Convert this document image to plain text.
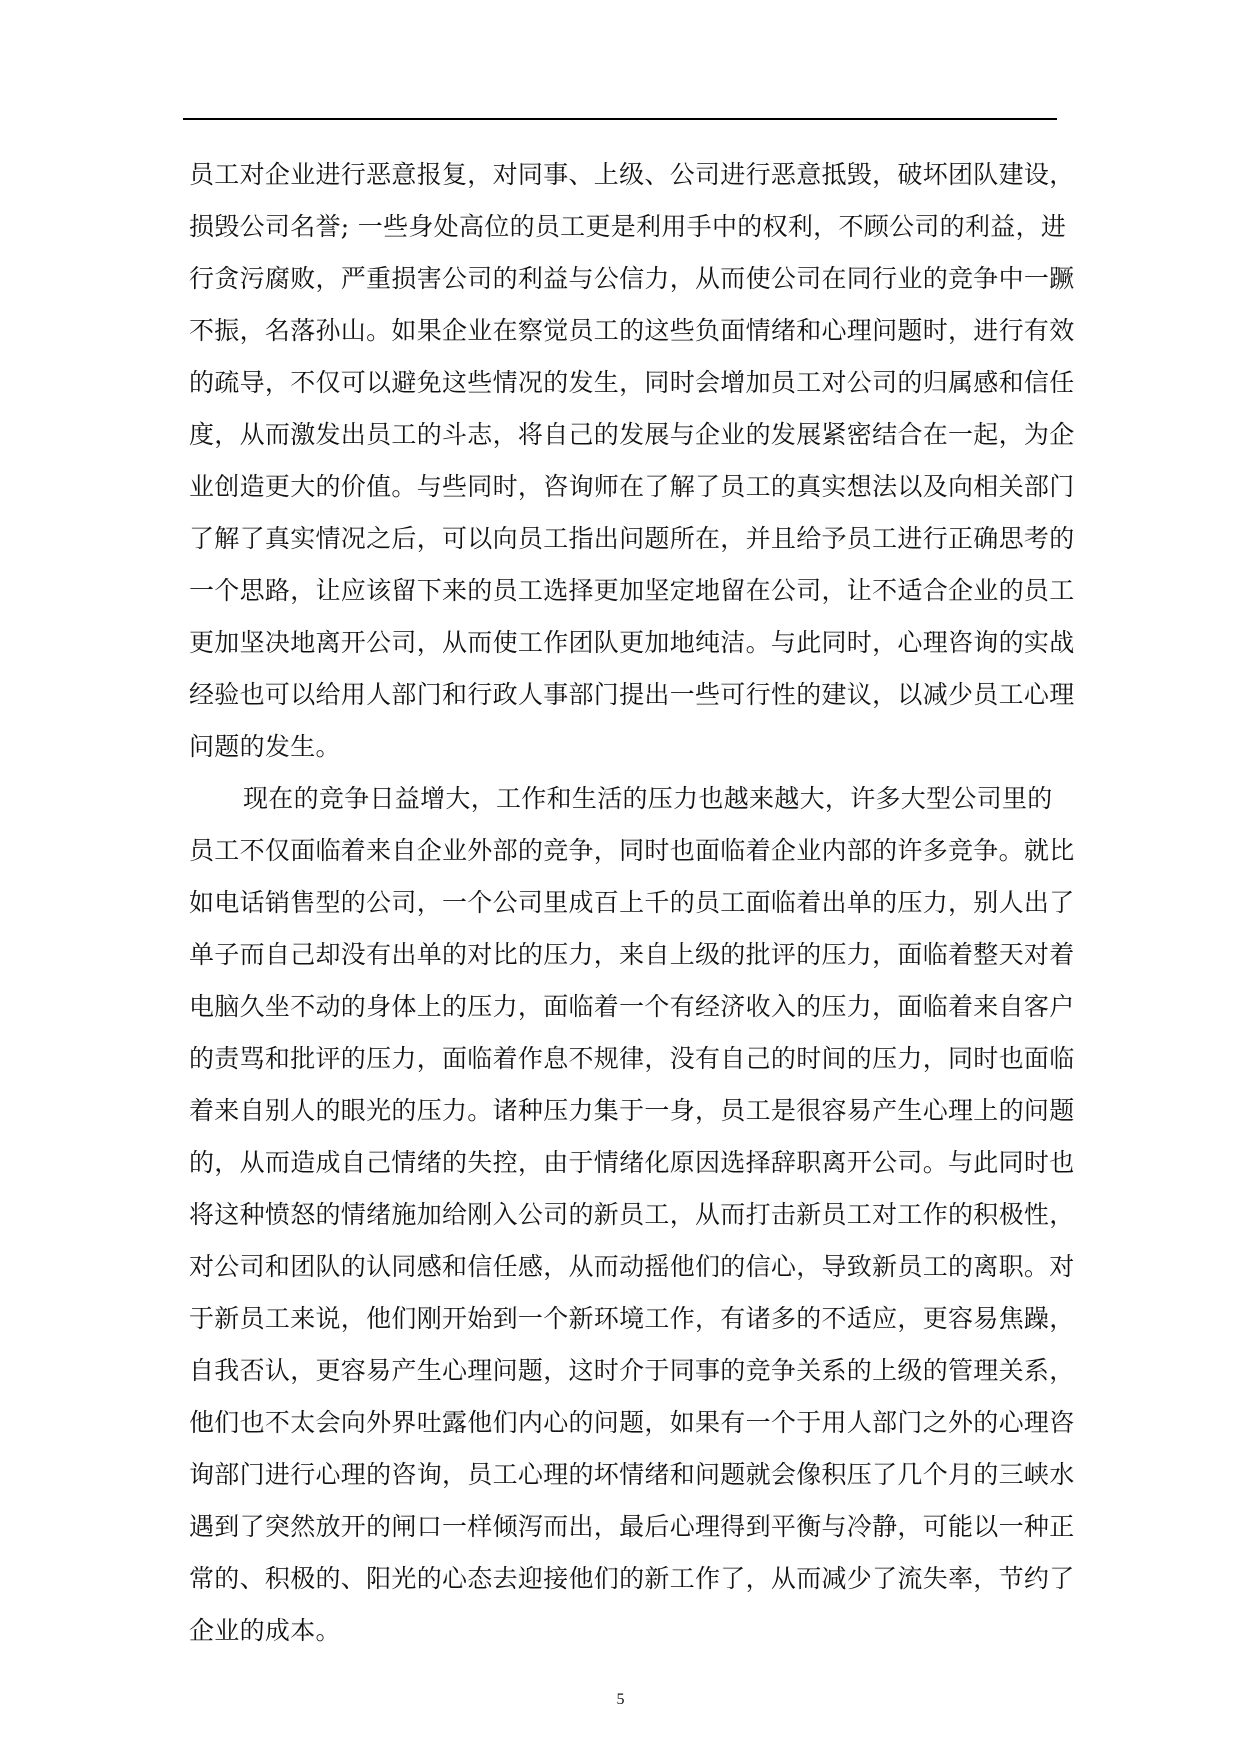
员工对企业进行恶意报复，对同事、上级、公司进行恶意抵毁，破坏团队建设，
损毁公司名誉; 一些身处高位的员工更是利用手中的权利，不顾公司的利益，进
行贪污腐败，严重损害公司的利益与公信力，从而使公司在同行业的竞争中一蹶
不振，名落孙山。如果企业在察觉员工的这些负面情绪和心理问题时，进行有效
的疏导，不仅可以避免这些情况的发生，同时会增加员工对公司的归属感和信任
度，从而激发出员工的斗志，将自己的发展与企业的发展紧密结合在一起，为企
业创造更大的价值。与些同时，咨询师在了解了员工的真实想法以及向相关部门
了解了真实情况之后，可以向员工指出问题所在，并且给予员工进行正确思考的
一个思路，让应该留下来的员工选择更加坚定地留在公司，让不适合企业的员工
更加坚决地离开公司，从而使工作团队更加地纯洁。与此同时，心理咨询的实战
经验也可以给用人部门和行政人事部门提出一些可行性的建议，以减少员工心理
问题的发生。
现在的竞争日益增大，工作和生活的压力也越来越大，许多大型公司里的
员工不仅面临着来自企业外部的竞争，同时也面临着企业内部的许多竞争。就比
如电话销售型的公司，一个公司里成百上千的员工面临着出单的压力，别人出了
单子而自己却没有出单的对比的压力，来自上级的批评的压力，面临着整天对着
电脑久坐不动的身体上的压力，面临着一个有经济收入的压力，面临着来自客户
的责骂和批评的压力，面临着作息不规律，没有自己的时间的压力，同时也面临
着来自别人的眼光的压力。诸种压力集于一身，员工是很容易产生心理上的问题
的，从而造成自己情绪的失控，由于情绪化原因选择辞职离开公司。与此同时也
将这种愤怒的情绪施加给刚入公司的新员工，从而打击新员工对工作的积极性，
对公司和团队的认同感和信任感，从而动摇他们的信心，导致新员工的离职。对
于新员工来说，他们刚开始到一个新环境工作，有诸多的不适应，更容易焦躁，
自我否认，更容易产生心理问题，这时介于同事的竞争关系的上级的管理关系，
他们也不太会向外界吐露他们内心的问题，如果有一个于用人部门之外的心理咨
询部门进行心理的咨询，员工心理的坏情绪和问题就会像积压了几个月的三峡水
遇到了突然放开的闸口一样倾泻而出，最后心理得到平衡与冷静，可能以一种正
常的、积极的、阳光的心态去迎接他们的新工作了，从而减少了流失率，节约了
企业的成本。
5
